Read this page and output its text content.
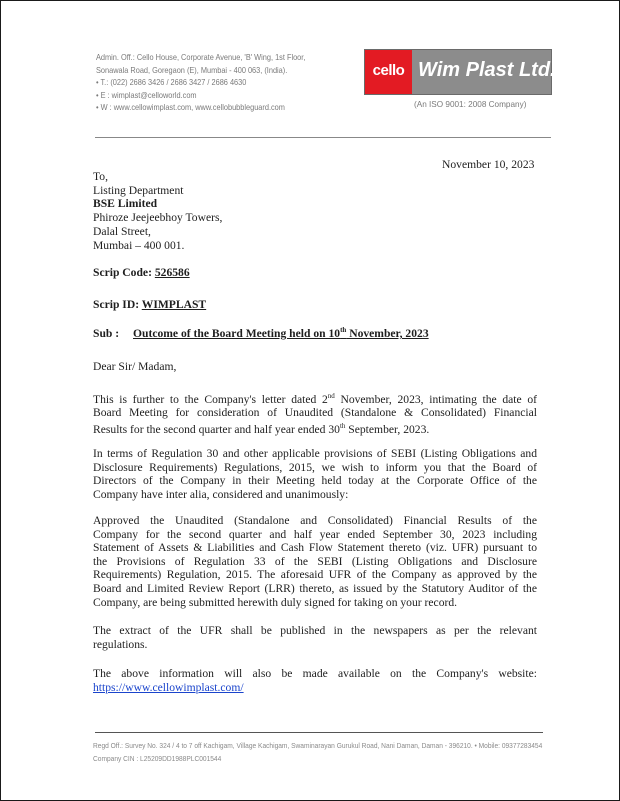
Admin. Off.: Cello House, Corporate Avenue, 'B' Wing, 1st Floor,
Sonawala Road, Goregaon (E), Mumbai - 400 063, (India).
• T.: (022) 2686 3426 / 2686 3427 / 2686 4630
• E : wimplast@celloworld.com
• W : www.cellowimplast.com, www.cellobubbleguard.com
cello Wim Plast Ltd.
(An ISO 9001: 2008 Company)
November 10, 2023
To,
Listing Department
BSE Limited
Phiroze Jeejeebhoy Towers,
Dalal Street,
Mumbai – 400 001.
Scrip Code: 526586
Scrip ID: WIMPLAST
Sub : Outcome of the Board Meeting held on 10th November, 2023
Dear Sir/ Madam,
This is further to the Company's letter dated 2nd November, 2023, intimating the date of
Board Meeting for consideration of Unaudited (Standalone & Consolidated) Financial
Results for the second quarter and half year ended 30th September, 2023.
In terms of Regulation 30 and other applicable provisions of SEBI (Listing Obligations and
Disclosure Requirements) Regulations, 2015, we wish to inform you that the Board of
Directors of the Company in their Meeting held today at the Corporate Office of the
Company have inter alia, considered and unanimously:
Approved the Unaudited (Standalone and Consolidated) Financial Results of the
Company for the second quarter and half year ended September 30, 2023 including
Statement of Assets & Liabilities and Cash Flow Statement thereto (viz. UFR) pursuant to
the Provisions of Regulation 33 of the SEBI (Listing Obligations and Disclosure
Requirements) Regulation, 2015. The aforesaid UFR of the Company as approved by the
Board and Limited Review Report (LRR) thereto, as issued by the Statutory Auditor of the
Company, are being submitted herewith duly signed for taking on your record.
The extract of the UFR shall be published in the newspapers as per the relevant
regulations.
The above information will also be made available on the Company's website:
https://www.cellowimplast.com/
Regd Off.: Survey No. 324 / 4 to 7 off Kachigam, Village Kachigam, Swaminarayan Gurukul Road, Nani Daman, Daman - 396210. • Mobile: 09377283454
Company CIN : L25209DD1988PLC001544
